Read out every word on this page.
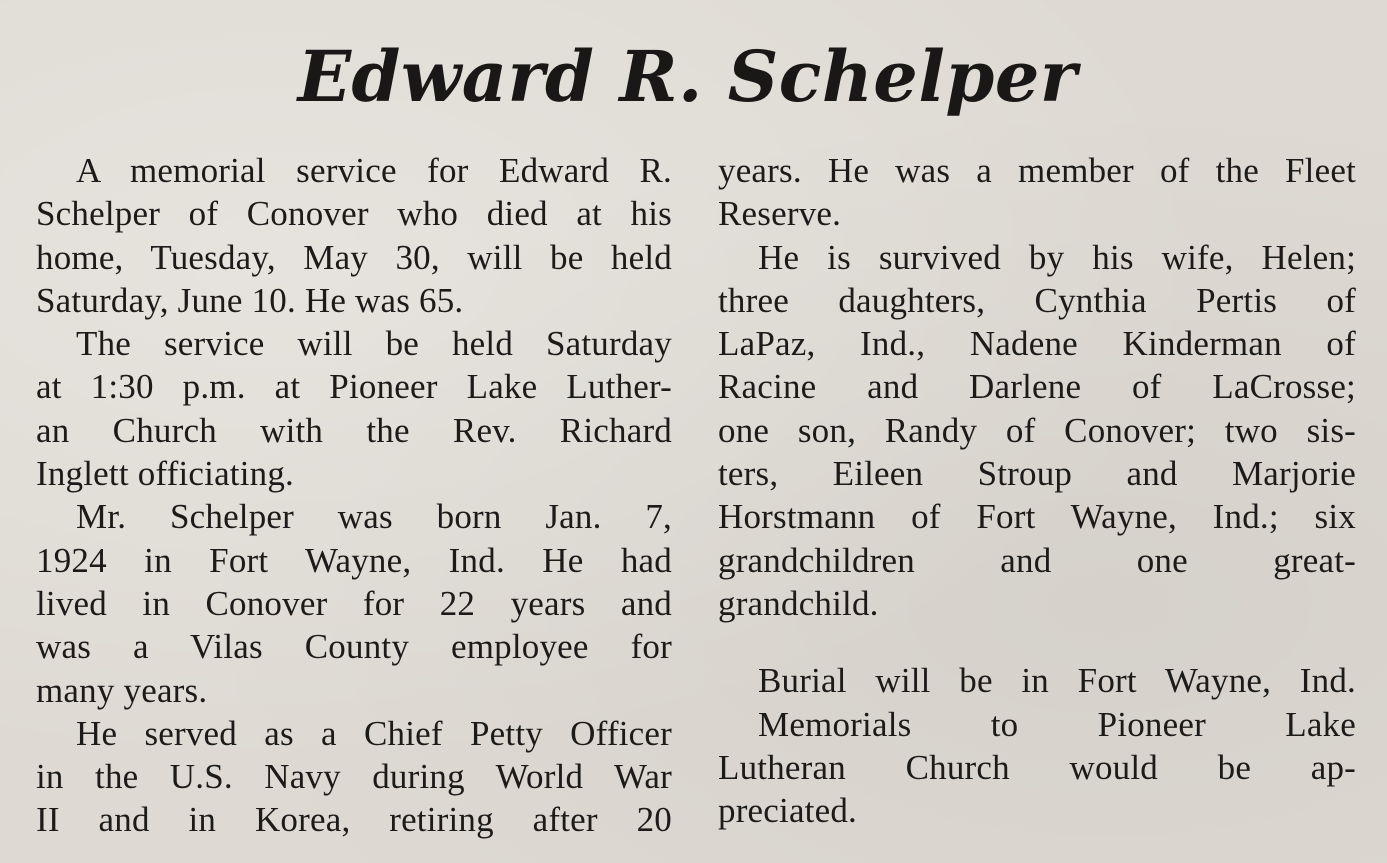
Edward R. Schelper
A memorial service for Edward R.
Schelper of Conover who died at his
home, Tuesday, May 30, will be held
Saturday, June 10. He was 65.
The service will be held Saturday
at 1:30 p.m. at Pioneer Lake Luther-
an Church with the Rev. Richard
Inglett officiating.
Mr. Schelper was born Jan. 7,
1924 in Fort Wayne, Ind. He had
lived in Conover for 22 years and
was a Vilas County employee for
many years.
He served as a Chief Petty Officer
in the U.S. Navy during World War
II and in Korea, retiring after 20
years. He was a member of the Fleet
Reserve.
He is survived by his wife, Helen;
three daughters, Cynthia Pertis of
LaPaz, Ind., Nadene Kinderman of
Racine and Darlene of LaCrosse;
one son, Randy of Conover; two sis-
ters, Eileen Stroup and Marjorie
Horstmann of Fort Wayne, Ind.; six
grandchildren and one great-
grandchild.
Burial will be in Fort Wayne, Ind.
Memorials to Pioneer Lake
Lutheran Church would be ap-
preciated.
